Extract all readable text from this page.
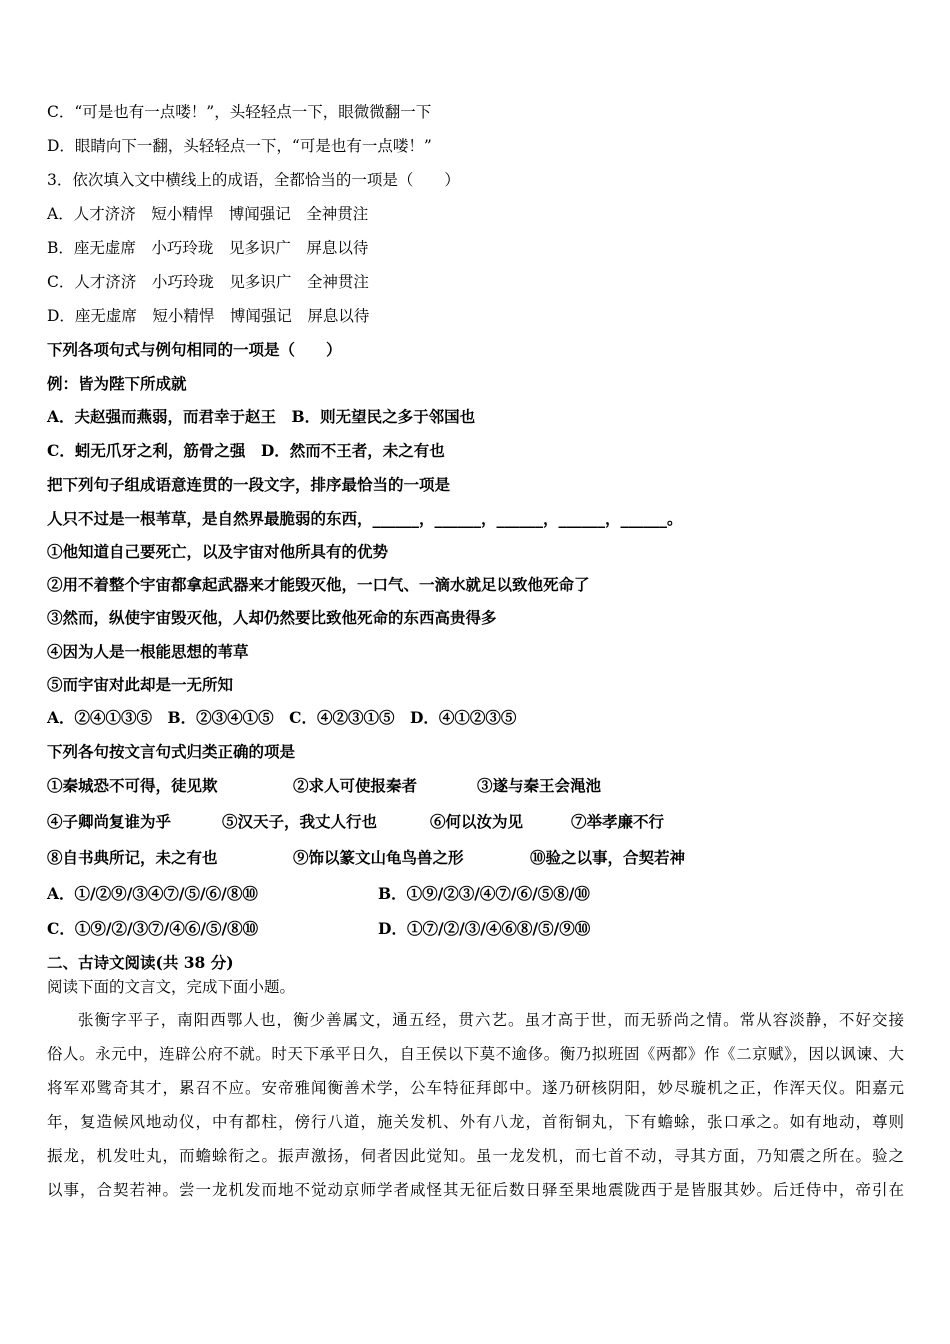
C．“可是也有一点喽！”，头轻轻点一下，眼微微翻一下
D．眼睛向下一翻，头轻轻点一下，“可是也有一点喽！”
3．依次填入文中横线上的成语，全都恰当的一项是（　　）
A．人才济济　短小精悍　博闻强记　全神贯注
B．座无虚席　小巧玲珑　见多识广　屏息以待
C．人才济济　小巧玲珑　见多识广　全神贯注
D．座无虚席　短小精悍　博闻强记　屏息以待
下列各项句式与例句相同的一项是（　　）
例：皆为陛下所成就
A．夫赵强而燕弱，而君幸于赵王　B．则无望民之多于邻国也
C．蚓无爪牙之利，筋骨之强　D．然而不王者，未之有也
把下列句子组成语意连贯的一段文字，排序最恰当的一项是
人只不过是一根苇草，是自然界最脆弱的东西，______，______，______，______，______。
①他知道自己要死亡，以及宇宙对他所具有的优势
②用不着整个宇宙都拿起武器来才能毁灭他，一口气、一滴水就足以致他死命了
③然而，纵使宇宙毁灭他，人却仍然要比致他死命的东西高贵得多
④因为人是一根能思想的苇草
⑤而宇宙对此却是一无所知
A．②④①③⑤　B．②③④①⑤　C．④②③①⑤　D．④①②③⑤
下列各句按文言句式归类正确的项是
①秦城恐不可得，徒见欺	②求人可使报秦者	③遂与秦王会渑池
④子卿尚复谁为乎	⑤汉天子，我丈人行也	⑥何以汝为见	⑦举孝廉不行
⑧自书典所记，未之有也	⑨饰以篆文山龟鸟兽之形	⑩验之以事，合契若神
A．①/②⑨/③④⑦/⑤/⑥/⑧⑩	B．①⑨/②③/④⑦/⑥/⑤⑧/⑩
C．①⑨/②/③⑦/④⑥/⑤/⑧⑩	D．①⑦/②/③/④⑥⑧/⑤/⑨⑩
二、古诗文阅读(共 38 分)
阅读下面的文言文，完成下面小题。
张衡字平子，南阳西鄂人也，衡少善属文，通五经，贯六艺。虽才高于世，而无骄尚之情。常从容淡静，不好交接
俗人。永元中，连辟公府不就。时天下承平日久，自王侯以下莫不逾侈。衡乃拟班固《两都》作《二京赋》，因以讽谏、大
将军邓骘奇其才，累召不应。安帝雅闻衡善术学，公车特征拜郎中。遂乃研核阴阳，妙尽璇机之正，作浑天仪。阳嘉元
年，复造候风地动仪，中有都柱，傍行八道，施关发机、外有八龙，首衔铜丸，下有蟾蜍，张口承之。如有地动，尊则
振龙，机发吐丸，而蟾蜍衔之。振声激扬，伺者因此觉知。虽一龙发机，而七首不动，寻其方面，乃知震之所在。验之
以事，合契若神。尝一龙机发而地不觉动京师学者咸怪其无征后数日驿至果地震陇西于是皆服其妙。后迁侍中，帝引在
